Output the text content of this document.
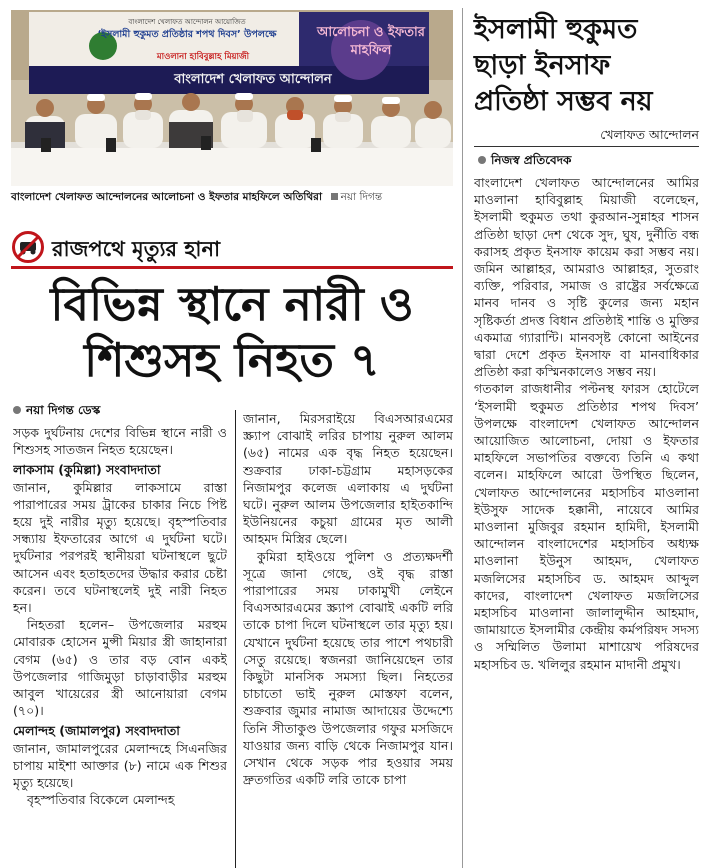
বাংলাদেশ খেলাফত আন্দোলন আয়োজিত
‘ইসলামী হুকুমত প্রতিষ্ঠার শপথ দিবস’ উপলক্ষে
মাওলানা হাবিবুল্লাহ মিয়াজী
আলোচনা ও ইফতার মাহফিল
বাংলাদেশ খেলাফত আন্দোলন
বাংলাদেশ খেলাফত আন্দোলনের আলোচনা ও ইফতার মাহফিলে অতিথিরা নয়া দিগন্ত
রাজপথে মৃত্যুর হানা
বিভিন্ন স্থানে নারী ও
শিশুসহ নিহত ৭
নয়া দিগন্ত ডেস্ক

সড়ক দুর্ঘটনায় দেশের বিভিন্ন স্থানে নারী ও শিশুসহ সাতজন নিহত হয়েছেন।

লাকসাম (কুমিল্লা) সংবাদদাতা

জানান, কুমিল্লার লাকসামে রাস্তা পারাপারের সময় ট্রাকের চাকার নিচে পিষ্ট হয়ে দুই নারীর মৃত্যু হয়েছে। বৃহস্পতিবার সন্ধ্যায় ইফতারের আগে এ দুর্ঘটনা ঘটে। দুর্ঘটনার পরপরই স্থানীয়রা ঘটনাস্থলে ছুটে আসেন এবং হতাহতদের উদ্ধার করার চেষ্টা করেন। তবে ঘটনাস্থলেই দুই নারী নিহত হন।

নিহতরা হলেন– উপজেলার মরহুম মোবারক হোসেন মুন্সী মিয়ার স্ত্রী জাহানারা বেগম (৬৫) ও তার বড় বোন একই উপজেলার গাজিমুড়া চাড়াবাড়ীর মরহুম আবুল খায়েরের স্ত্রী আনোয়ারা বেগম (৭০)।

মেলান্দহ (জামালপুর) সংবাদদাতা

জানান, জামালপুরের মেলান্দহে সিএনজির চাপায় মাইশা আক্তার (৮) নামে এক শিশুর মৃত্যু হয়েছে।

বৃহস্পতিবার বিকেলে মেলান্দহ

জানান, মিরসরাইয়ে বিএসআরএমের স্ক্র্যাপ বোঝাই লরির চাপায় নুরুল আলম (৬৫) নামের এক বৃদ্ধ নিহত হয়েছেন। শুক্রবার ঢাকা-চট্টগ্রাম মহাসড়কের নিজামপুর কলেজ এলাকায় এ দুর্ঘটনা ঘটে। নুরুল আলম উপজেলার হাইতকান্দি ইউনিয়নের কচুয়া গ্রামের মৃত আলী আহমদ মিস্ত্রির ছেলে।

কুমিরা হাইওয়ে পুলিশ ও প্রত্যক্ষদর্শী সূত্রে জানা গেছে, ওই বৃদ্ধ রাস্তা পারাপারের সময় ঢাকামুখী লেইনে বিএসআরএমের স্ক্র্যাপ বোঝাই একটি লরি তাকে চাপা দিলে ঘটনাস্থলে তার মৃত্যু হয়। যেখানে দুর্ঘটনা হয়েছে তার পাশে পথচারী সেতু রয়েছে। স্বজনরা জানিয়েছেন তার কিছুটা মানসিক সমস্যা ছিল। নিহতের চাচাতো ভাই নুরুল মোস্তফা বলেন, শুক্রবার জুমার নামাজ আদায়ের উদ্দেশ্যে তিনি সীতাকুণ্ড উপজেলার গফুর মসজিদে যাওয়ার জন্য বাড়ি থেকে নিজামপুর যান। সেখান থেকে সড়ক পার হওয়ার সময় দ্রুতগতির একটি লরি তাকে চাপা

ইসলামী হুকুমত
ছাড়া ইনসাফ
প্রতিষ্ঠা সম্ভব নয়
খেলাফত আন্দোলন
নিজস্ব প্রতিবেদক

বাংলাদেশ খেলাফত আন্দোলনের আমির মাওলানা হাবিবুল্লাহ মিয়াজী বলেছেন, ইসলামী হুকুমত তথা কুরআন-সুন্নাহর শাসন প্রতিষ্ঠা ছাড়া দেশ থেকে সুদ, ঘুষ, দুর্নীতি বন্ধ করাসহ প্রকৃত ইনসাফ কায়েম করা সম্ভব নয়। জমিন আল্লাহর, আমরাও আল্লাহর, সুতরাং ব্যক্তি, পরিবার, সমাজ ও রাষ্ট্রের সর্বক্ষেত্রে মানব দানব ও সৃষ্টি কুলের জন্য মহান সৃষ্টিকর্তা প্রদত্ত বিধান প্রতিষ্ঠাই শান্তি ও মুক্তির একমাত্র গ্যারান্টি। মানবসৃষ্ট কোনো আইনের দ্বারা দেশে প্রকৃত ইনসাফ বা মানবাধিকার প্রতিষ্ঠা করা কস্মিনকালেও সম্ভব নয়।

গতকাল রাজধানীর পল্টনস্থ ফারস হোটেলে ‘ইসলামী হুকুমত প্রতিষ্ঠার শপথ দিবস’ উপলক্ষে বাংলাদেশ খেলাফত আন্দোলন আয়োজিত আলোচনা, দোয়া ও ইফতার মাহফিলে সভাপতির বক্তব্যে তিনি এ কথা বলেন। মাহফিলে আরো উপস্থিত ছিলেন, খেলাফত আন্দোলনের মহাসচিব মাওলানা ইউসুফ সাদেক হক্কানী, নায়েবে আমির মাওলানা মুজিবুর রহমান হামিদী, ইসলামী আন্দোলন বাংলাদেশের মহাসচিব অধ্যক্ষ মাওলানা ইউনুস আহমদ, খেলাফত মজলিসের মহাসচিব ড. আহমদ আব্দুল কাদের, বাংলাদেশ খেলাফত মজলিসের মহাসচিব মাওলানা জালালুদ্দীন আহমাদ, জামায়াতে ইসলামীর কেন্দ্রীয় কর্মপরিষদ সদস্য ও সম্মিলিত উলামা মাশায়েখ পরিষদের মহাসচিব ড. খলিলুর রহমান মাদানী প্রমুখ।
